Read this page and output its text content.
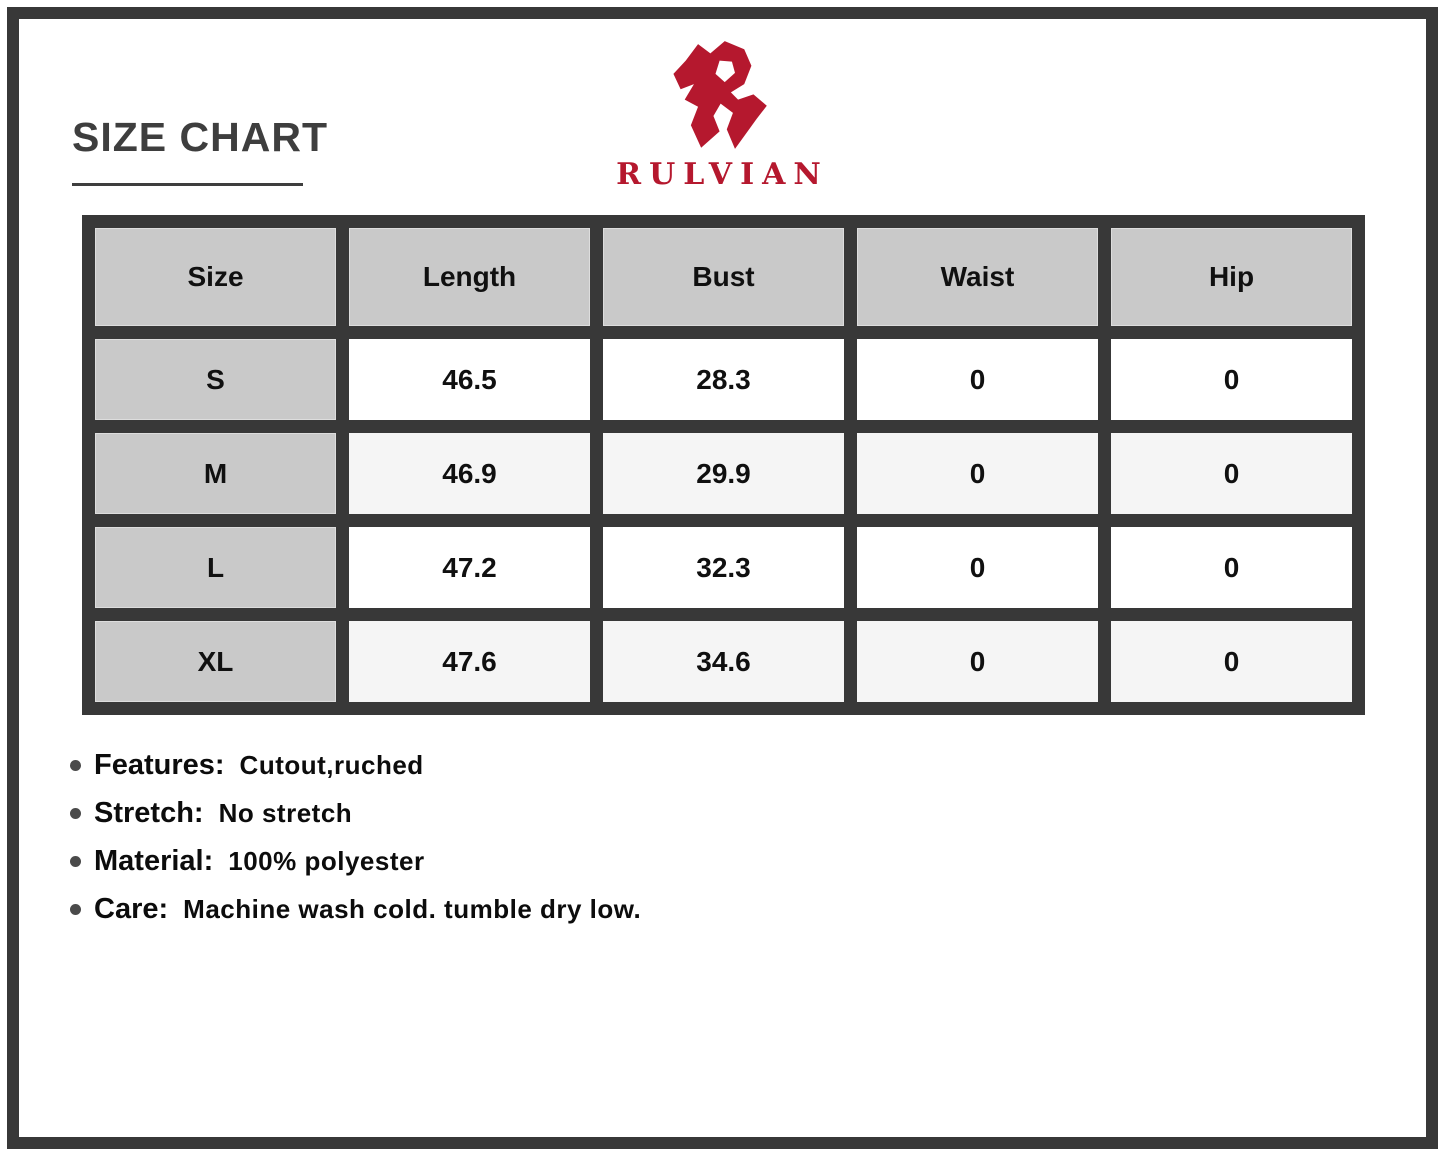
SIZE CHART
RULVIAN
Size	Length	Bust	Waist	Hip
S	46.5	28.3	0	0
M	46.9	29.9	0	0
L	47.2	32.3	0	0
XL	47.6	34.6	0	0
Features: Cutout,ruched
Stretch: No stretch
Material: 100% polyester
Care: Machine wash cold. tumble dry low.
